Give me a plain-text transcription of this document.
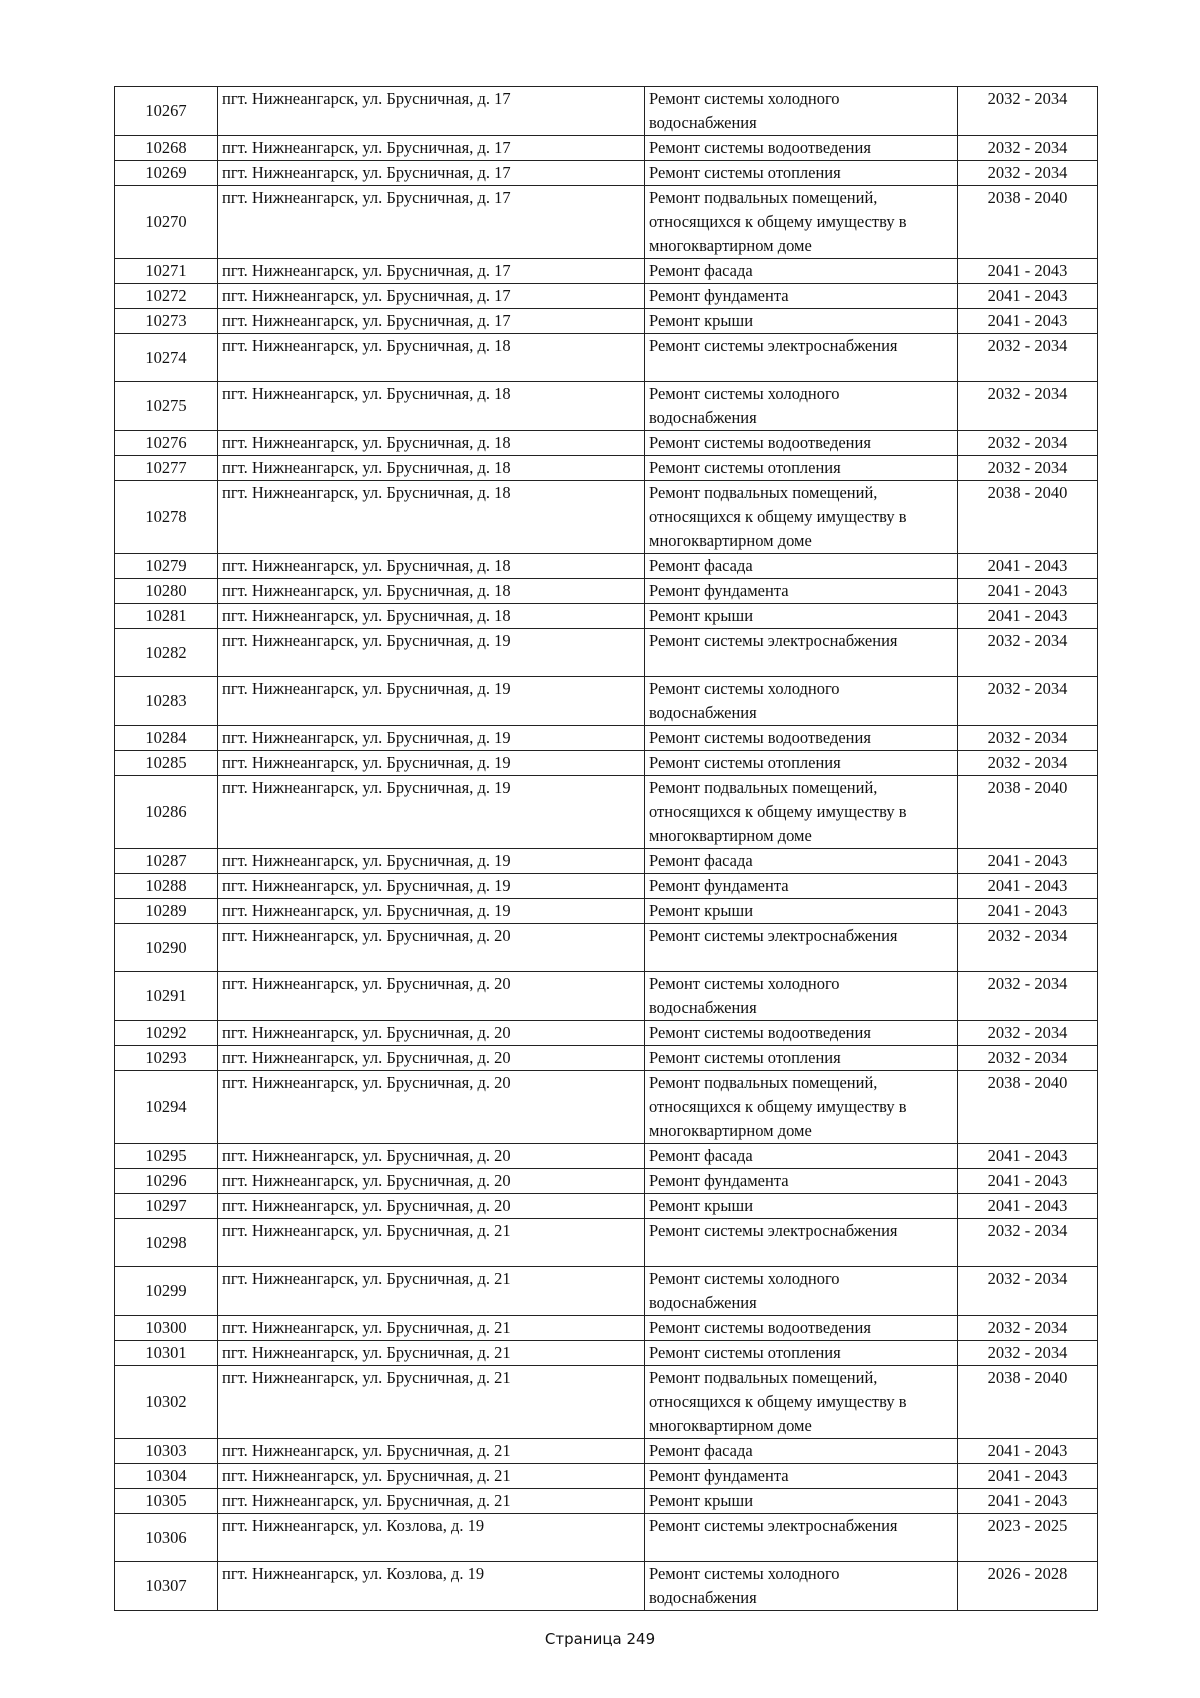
10267	пгт. Нижнеангарск, ул. Брусничная, д. 17	Ремонт системы холодного
водоснабжения	2032 - 2034
10268	пгт. Нижнеангарск, ул. Брусничная, д. 17	Ремонт системы водоотведения	2032 - 2034
10269	пгт. Нижнеангарск, ул. Брусничная, д. 17	Ремонт системы отопления	2032 - 2034
10270	пгт. Нижнеангарск, ул. Брусничная, д. 17	Ремонт подвальных помещений,
относящихся к общему имуществу в
многоквартирном доме	2038 - 2040
10271	пгт. Нижнеангарск, ул. Брусничная, д. 17	Ремонт фасада	2041 - 2043
10272	пгт. Нижнеангарск, ул. Брусничная, д. 17	Ремонт фундамента	2041 - 2043
10273	пгт. Нижнеангарск, ул. Брусничная, д. 17	Ремонт крыши	2041 - 2043
10274	пгт. Нижнеангарск, ул. Брусничная, д. 18	Ремонт системы электроснабжения	2032 - 2034
10275	пгт. Нижнеангарск, ул. Брусничная, д. 18	Ремонт системы холодного
водоснабжения	2032 - 2034
10276	пгт. Нижнеангарск, ул. Брусничная, д. 18	Ремонт системы водоотведения	2032 - 2034
10277	пгт. Нижнеангарск, ул. Брусничная, д. 18	Ремонт системы отопления	2032 - 2034
10278	пгт. Нижнеангарск, ул. Брусничная, д. 18	Ремонт подвальных помещений,
относящихся к общему имуществу в
многоквартирном доме	2038 - 2040
10279	пгт. Нижнеангарск, ул. Брусничная, д. 18	Ремонт фасада	2041 - 2043
10280	пгт. Нижнеангарск, ул. Брусничная, д. 18	Ремонт фундамента	2041 - 2043
10281	пгт. Нижнеангарск, ул. Брусничная, д. 18	Ремонт крыши	2041 - 2043
10282	пгт. Нижнеангарск, ул. Брусничная, д. 19	Ремонт системы электроснабжения	2032 - 2034
10283	пгт. Нижнеангарск, ул. Брусничная, д. 19	Ремонт системы холодного
водоснабжения	2032 - 2034
10284	пгт. Нижнеангарск, ул. Брусничная, д. 19	Ремонт системы водоотведения	2032 - 2034
10285	пгт. Нижнеангарск, ул. Брусничная, д. 19	Ремонт системы отопления	2032 - 2034
10286	пгт. Нижнеангарск, ул. Брусничная, д. 19	Ремонт подвальных помещений,
относящихся к общему имуществу в
многоквартирном доме	2038 - 2040
10287	пгт. Нижнеангарск, ул. Брусничная, д. 19	Ремонт фасада	2041 - 2043
10288	пгт. Нижнеангарск, ул. Брусничная, д. 19	Ремонт фундамента	2041 - 2043
10289	пгт. Нижнеангарск, ул. Брусничная, д. 19	Ремонт крыши	2041 - 2043
10290	пгт. Нижнеангарск, ул. Брусничная, д. 20	Ремонт системы электроснабжения	2032 - 2034
10291	пгт. Нижнеангарск, ул. Брусничная, д. 20	Ремонт системы холодного
водоснабжения	2032 - 2034
10292	пгт. Нижнеангарск, ул. Брусничная, д. 20	Ремонт системы водоотведения	2032 - 2034
10293	пгт. Нижнеангарск, ул. Брусничная, д. 20	Ремонт системы отопления	2032 - 2034
10294	пгт. Нижнеангарск, ул. Брусничная, д. 20	Ремонт подвальных помещений,
относящихся к общему имуществу в
многоквартирном доме	2038 - 2040
10295	пгт. Нижнеангарск, ул. Брусничная, д. 20	Ремонт фасада	2041 - 2043
10296	пгт. Нижнеангарск, ул. Брусничная, д. 20	Ремонт фундамента	2041 - 2043
10297	пгт. Нижнеангарск, ул. Брусничная, д. 20	Ремонт крыши	2041 - 2043
10298	пгт. Нижнеангарск, ул. Брусничная, д. 21	Ремонт системы электроснабжения	2032 - 2034
10299	пгт. Нижнеангарск, ул. Брусничная, д. 21	Ремонт системы холодного
водоснабжения	2032 - 2034
10300	пгт. Нижнеангарск, ул. Брусничная, д. 21	Ремонт системы водоотведения	2032 - 2034
10301	пгт. Нижнеангарск, ул. Брусничная, д. 21	Ремонт системы отопления	2032 - 2034
10302	пгт. Нижнеангарск, ул. Брусничная, д. 21	Ремонт подвальных помещений,
относящихся к общему имуществу в
многоквартирном доме	2038 - 2040
10303	пгт. Нижнеангарск, ул. Брусничная, д. 21	Ремонт фасада	2041 - 2043
10304	пгт. Нижнеангарск, ул. Брусничная, д. 21	Ремонт фундамента	2041 - 2043
10305	пгт. Нижнеангарск, ул. Брусничная, д. 21	Ремонт крыши	2041 - 2043
10306	пгт. Нижнеангарск, ул. Козлова, д. 19	Ремонт системы электроснабжения	2023 - 2025
10307	пгт. Нижнеангарск, ул. Козлова, д. 19	Ремонт системы холодного
водоснабжения	2026 - 2028
Страница 249
